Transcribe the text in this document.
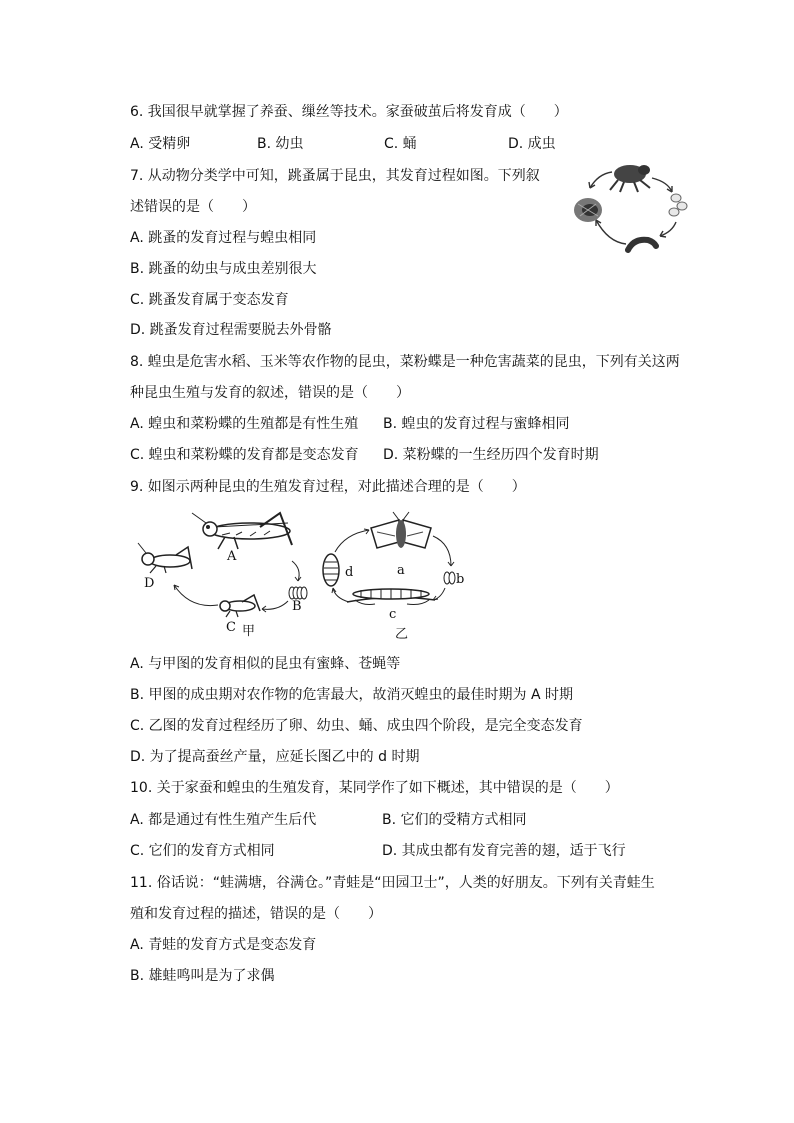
6. 我国很早就掌握了养蚕、缫丝等技术。家蚕破茧后将发育成（　　）
A. 受精卵	B. 幼虫	C. 蛹	D. 成虫
7. 从动物分类学中可知，跳蚤属于昆虫，其发育过程如图。下列叙
述错误的是（　　）
A. 跳蚤的发育过程与蝗虫相同
B. 跳蚤的幼虫与成虫差别很大
C. 跳蚤发育属于变态发育
D. 跳蚤发育过程需要脱去外骨骼
8. 蝗虫是危害水稻、玉米等农作物的昆虫，菜粉蝶是一种危害蔬菜的昆虫，下列有关这两
种昆虫生殖与发育的叙述，错误的是（　　）
A. 蝗虫和菜粉蝶的生殖都是有性生殖 B. 蝗虫的发育过程与蜜蜂相同
C. 蝗虫和菜粉蝶的发育都是变态发育 D. 菜粉蝶的一生经历四个发育时期
9. 如图示两种昆虫的生殖发育过程，对此描述合理的是（　　）
A
B
C 甲
D
a
d	b
c
乙
A. 与甲图的发育相似的昆虫有蜜蜂、苍蝇等
B. 甲图的成虫期对农作物的危害最大，故消灭蝗虫的最佳时期为 A 时期
C. 乙图的发育过程经历了卵、幼虫、蛹、成虫四个阶段，是完全变态发育
D. 为了提高蚕丝产量，应延长图乙中的 d 时期
10. 关于家蚕和蝗虫的生殖发育，某同学作了如下概述，其中错误的是（　　）
A. 都是通过有性生殖产生后代	B. 它们的受精方式相同
C. 它们的发育方式相同	D. 其成虫都有发育完善的翅，适于飞行
11. 俗话说：“蛙满塘，谷满仓。”青蛙是“田园卫士”，人类的好朋友。下列有关青蛙生
殖和发育过程的描述，错误的是（　　）
A. 青蛙的发育方式是变态发育
B. 雄蛙鸣叫是为了求偶
